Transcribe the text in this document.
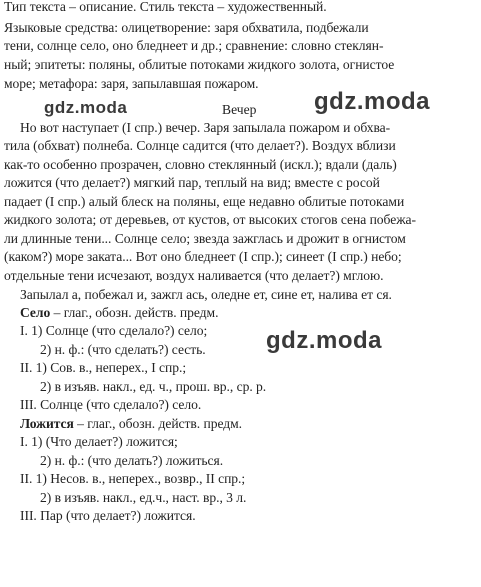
Тип текста – описание. Стиль текста – художественный.
Языковые средства: олицетворение: заря обхватила, подбежали
тени, солнце село, оно бледнеет и др.; сравнение: словно стеклян-
ный; эпитеты: поляны, облитые потоками жидкого золота, огнистое
море; метафора: заря, запылавшая пожаром.
gdz.moda	Вечер gdz.moda
Но вот наступает (I спр.) вечер. Заря запылала пожаром и обхва-
тила (обхват) полнеба. Солнце садится (что делает?). Воздух вблизи
как-то особенно прозрачен, словно стеклянный (искл.); вдали (даль)
ложится (что делает?) мягкий пар, теплый на вид; вместе с росой
падает (I спр.) алый блеск на поляны, еще недавно облитые потоками
жидкого золота; от деревьев, от кустов, от высоких стогов сена побежа-
ли длинные тени... Солнце село; звезда зажглась и дрожит в огнистом
(каком?) море заката... Вот оно бледнеет (I спр.); синеет (I спр.) небо;
отдельные тени исчезают, воздух наливается (что делает?) мглою.
Запылал а, побежал и, зажгл ась, оледне ет, сине ет, налива ет ся.
Село – глаг., обозн. действ. предм.
I. 1) Солнце (что сделало?) село;
2) н. ф.: (что сделать?) сесть.
II. 1) Сов. в., неперех., I спр.;
2) в изъяв. накл., ед. ч., прош. вр., ср. р.
III. Солнце (что сделало?) село.
gdz.moda
Ложится – глаг., обозн. действ. предм.
I. 1) (Что делает?) ложится;
2) н. ф.: (что делать?) ложиться.
II. 1) Несов. в., неперех., возвр., II спр.;
2) в изъяв. накл., ед.ч., наст. вр., 3 л.
III. Пар (что делает?) ложится.
